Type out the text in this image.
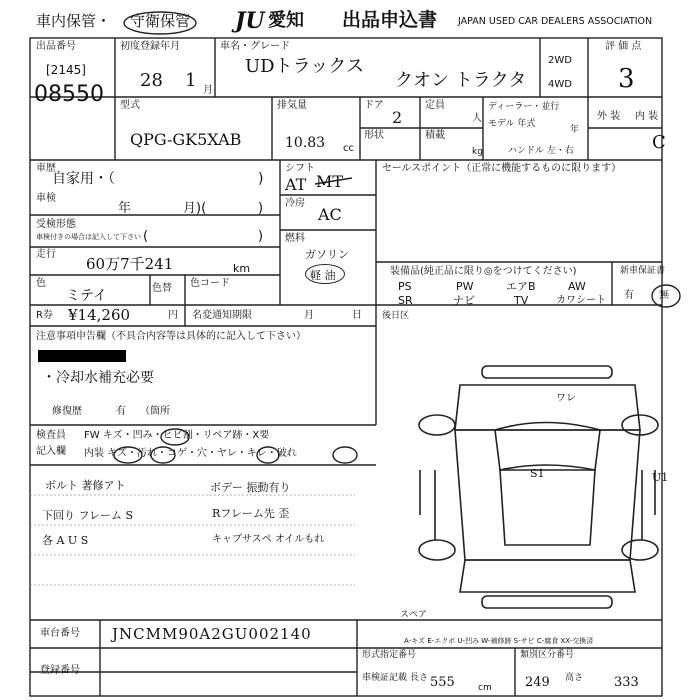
車内保管・ 守衛保管 JU 愛知 出品申込書 JAPAN USED CAR DEALERS ASSOCIATION
出品番号
[2145]
08550
初度登録年月
28 1 月
車名・グレード
UDトラックス
クオン トラクタ
2WD
4WD
評 価 点
3
型式
QPG-GK5XAB
排気量
10.83 cc
ドア
2
定員
人
形状	積載
kg
ディーラー・並行
モデル 年式
年
ハンドル 左・右
外 装 内 装
C
車歴
自家用・（	)
車検
年	月)(	)
受検形態
車検付きの場合は記入して下さい (	)
走行
60万7千241	km
色
ミテイ	色替 色コード
シフト
AT MT
冷房
AC
燃料
ガソリン
軽 油
セールスポイント（正常に機能するものに限ります）
装備品(純正品に限り◎をつけてください)
PS	PW	エアB	AW
SR	ナビ	TV	カワシート
新車保証書
有	無
R券 ¥14,260	円 名変通知期限	月	日 後日区
注意事項申告欄（不具合内容等は具体的に記入して下さい）
・冷却水補充必要
修復歴	有 （箇所
検査員
記入欄
FW キズ・凹み・ヒビ割・リペア跡・X要
内装 キズ・汚れ・コゲ・穴・ヤレ・キレ・破れ
ボルト 著修アト	ボデー 振動有り
下回り フレーム S	Rフレーム先 歪
各 A U S	キャブサスペ オイルもれ
ワレ
S1	U1
スペア
A-キズ E-エクボ U-凹み W-補修跡 S-サビ C-腐食 XX-交換済
車台番号 JNCMM90A2GU002140
登録番号
形式指定番号	類別区分番号
車検証記載 長さ 555	cm	249 高さ 333
